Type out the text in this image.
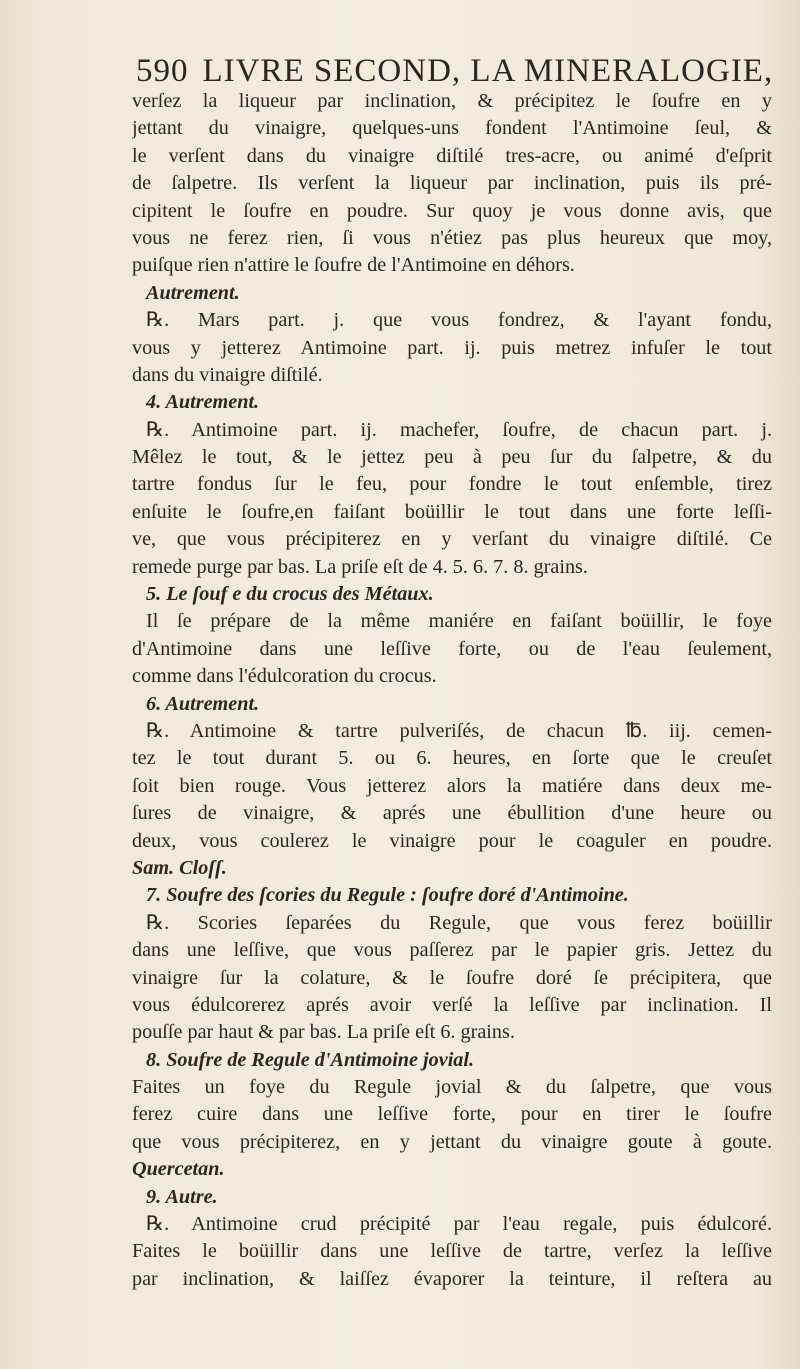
590 LIVRE SECOND, LA MINERALOGIE,
verſez la liqueur par inclination, & précipitez le ſoufre en y
jettant du vinaigre, quelques-uns fondent l'Antimoine ſeul, &
le verſent dans du vinaigre diſtilé tres-acre, ou animé d'eſprit
de ſalpetre. Ils verſent la liqueur par inclination, puis ils pré-
cipitent le ſoufre en poudre. Sur quoy je vous donne avis, que
vous ne ferez rien, ſi vous n'étiez pas plus heureux que moy,
puiſque rien n'attire le ſoufre de l'Antimoine en déhors.
Autrement.
℞. Mars part. j. que vous fondrez, & l'ayant fondu,
vous y jetterez Antimoine part. ij. puis metrez infuſer le tout
dans du vinaigre diſtilé.
4. Autrement.
℞. Antimoine part. ij. machefer, ſoufre, de chacun part. j.
Mêlez le tout, & le jettez peu à peu ſur du ſalpetre, & du
tartre fondus ſur le feu, pour fondre le tout enſemble, tirez
enſuite le ſoufre,en faiſant boüillir le tout dans une forte leſſi-
ve, que vous précipiterez en y verſant du vinaigre diſtilé. Ce
remede purge par bas. La priſe eſt de 4. 5. 6. 7. 8. grains.
5. Le ſouf e du crocus des Métaux.
Il ſe prépare de la même maniére en faiſant boüillir, le foye
d'Antimoine dans une leſſive forte, ou de l'eau ſeulement,
comme dans l'édulcoration du crocus.
6. Autrement.
℞. Antimoine & tartre pulveriſés, de chacun ℔. iij. cemen-
tez le tout durant 5. ou 6. heures, en ſorte que le creuſet
ſoit bien rouge. Vous jetterez alors la matiére dans deux me-
ſures de vinaigre, & aprés une ébullition d'une heure ou
deux, vous coulerez le vinaigre pour le coaguler en poudre.
Sam. Cloſſ.
7. Soufre des ſcories du Regule : ſoufre doré d'Antimoine.
℞. Scories ſeparées du Regule, que vous ferez boüillir
dans une leſſive, que vous paſſerez par le papier gris. Jettez du
vinaigre ſur la colature, & le ſoufre doré ſe précipitera, que
vous édulcorerez aprés avoir verſé la leſſive par inclination. Il
pouſſe par haut & par bas. La priſe eſt 6. grains.
8. Soufre de Regule d'Antimoine jovial.
Faites un foye du Regule jovial & du ſalpetre, que vous
ferez cuire dans une leſſive forte, pour en tirer le ſoufre
que vous précipiterez, en y jettant du vinaigre goute à goute.
Quercetan.
9. Autre.
℞. Antimoine crud précipité par l'eau regale, puis édulcoré.
Faites le boüillir dans une leſſive de tartre, verſez la leſſive
par inclination, & laiſſez évaporer la teinture, il reſtera au
